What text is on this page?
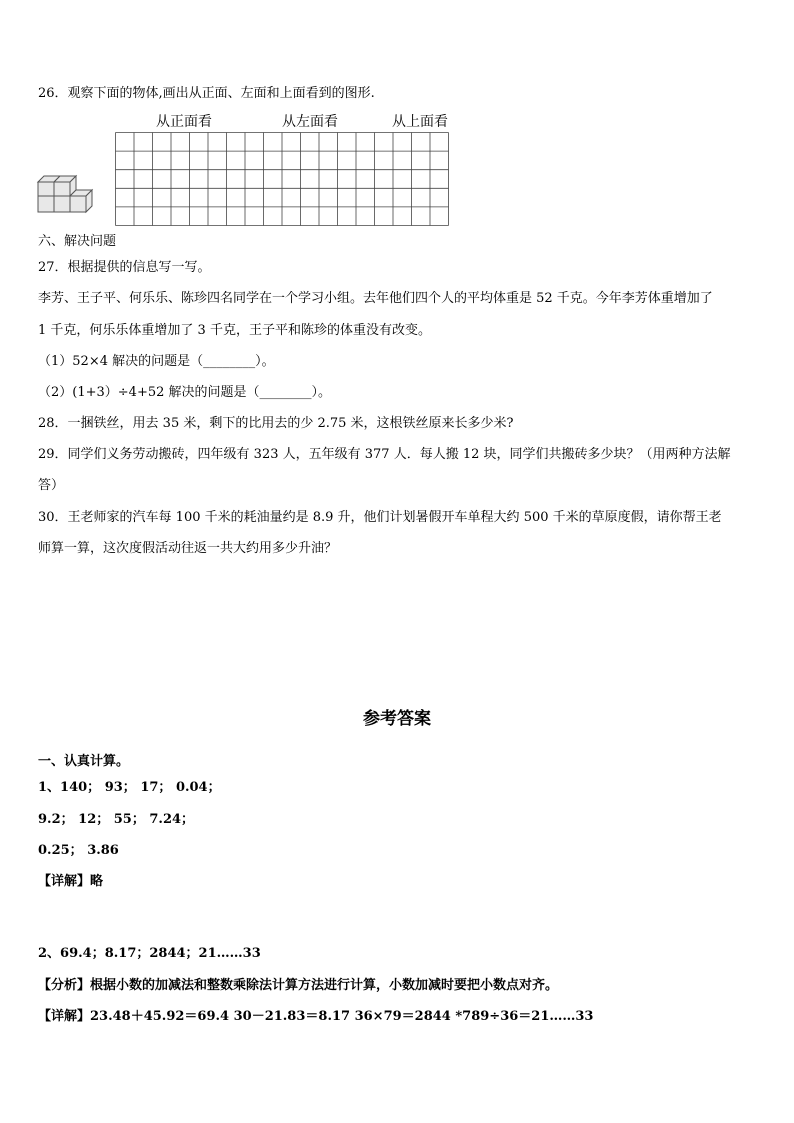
26．观察下面的物体,画出从正面、左面和上面看到的图形.
从正面看	从左面看	从上面看
六、解决问题
27．根据提供的信息写一写。
李芳、王子平、何乐乐、陈珍四名同学在一个学习小组。去年他们四个人的平均体重是 52 千克。今年李芳体重增加了
1 千克，何乐乐体重增加了 3 千克，王子平和陈珍的体重没有改变。
（1）52×4 解决的问题是（________）。
（2）(1+3）÷4+52 解决的问题是（________）。
28．一捆铁丝，用去 35 米，剩下的比用去的少 2.75 米，这根铁丝原来长多少米?
29．同学们义务劳动搬砖，四年级有 323 人，五年级有 377 人．每人搬 12 块，同学们共搬砖多少块？（用两种方法解
答）
30．王老师家的汽车每 100 千米的耗油量约是 8.9 升，他们计划暑假开车单程大约 500 千米的草原度假，请你帮王老
师算一算，这次度假活动往返一共大约用多少升油？
参考答案
一、认真计算。
1、140； 93； 17； 0.04；
9.2； 12； 55； 7.24；
0.25； 3.86
【详解】略
2、69.4；8.17；2844；21……33
【分析】根据小数的加减法和整数乘除法计算方法进行计算，小数加减时要把小数点对齐。
【详解】23.48＋45.92＝69.4 30－21.83＝8.17 36×79＝2844 *789÷36＝21……33
